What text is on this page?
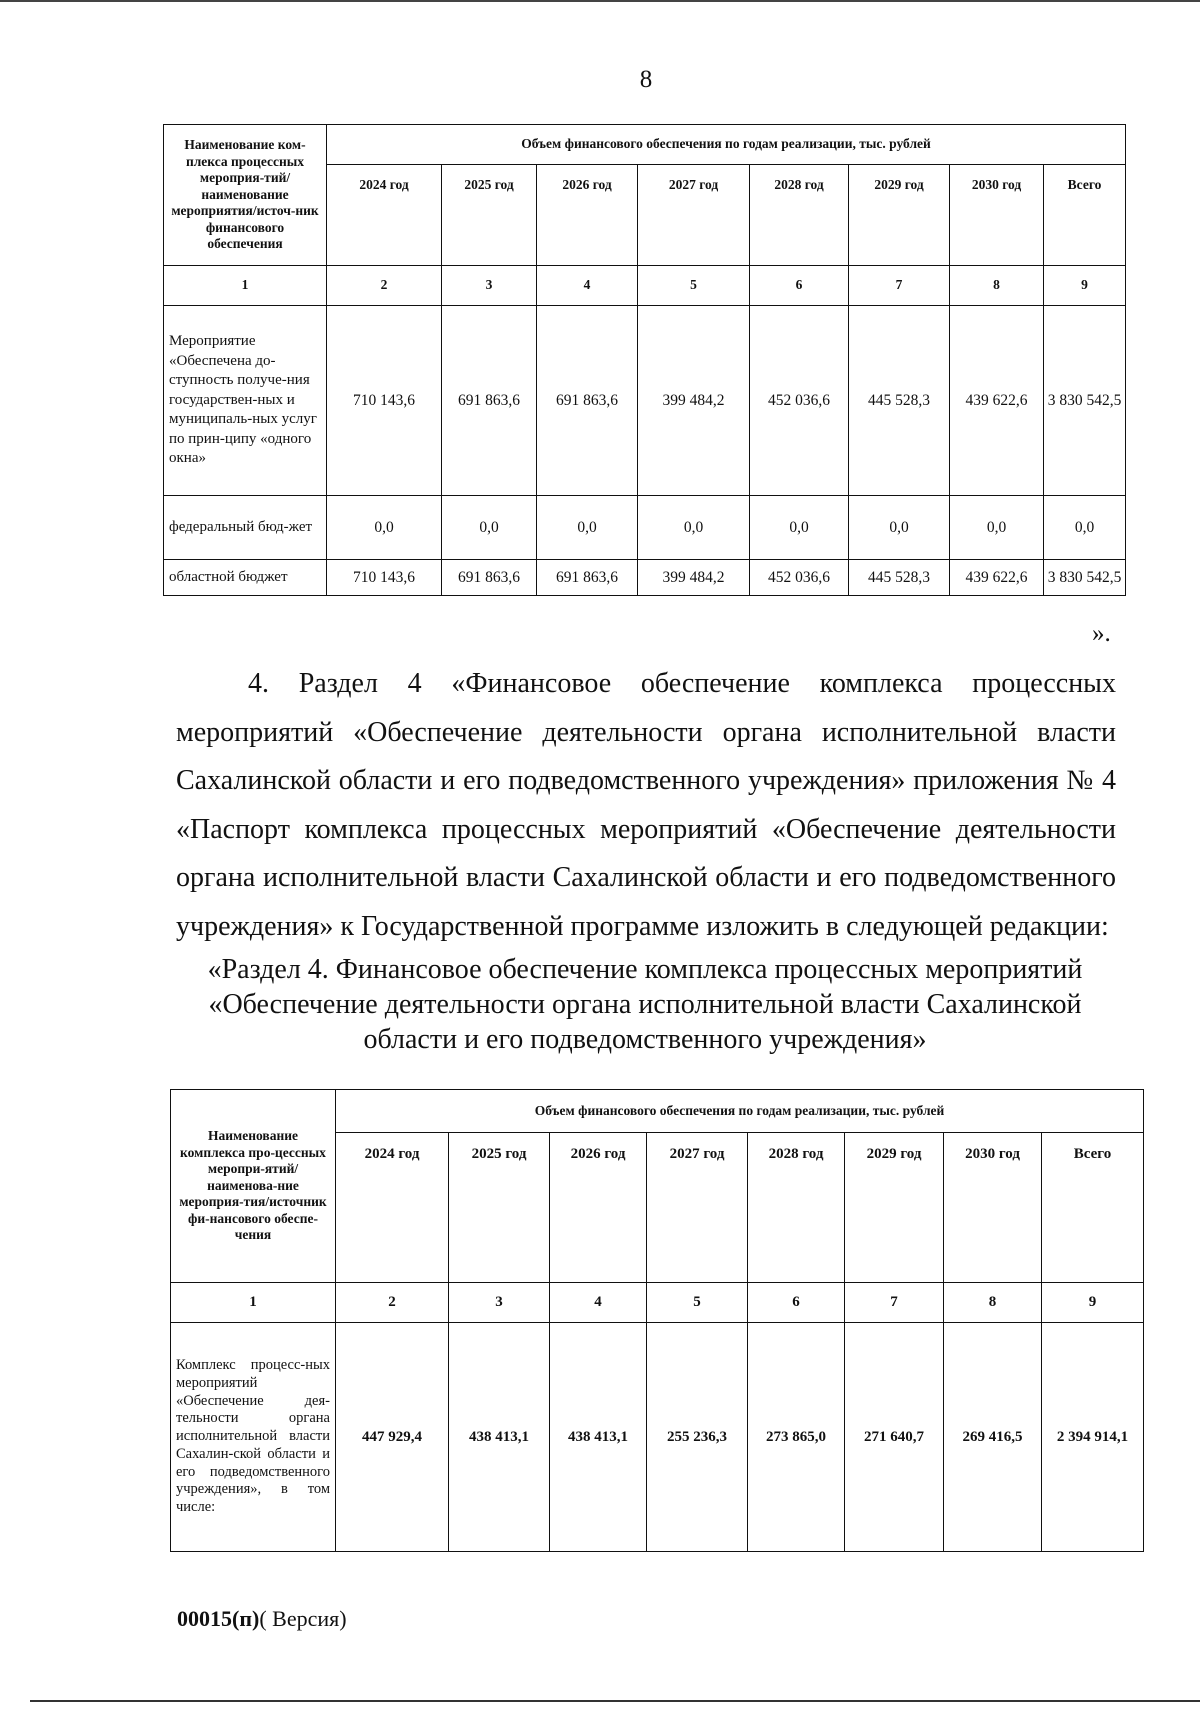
8
Наименование ком-плекса процессных мероприя-тий/наименование мероприятия/источ-ник финансового обеспечения	Объем финансового обеспечения по годам реализации, тыс. рублей							
	2024 год	2025 год	2026 год	2027 год	2028 год	2029 год	2030 год	Всего
1	2	3	4	5	6	7	8	9
Мероприятие «Обеспечена до-ступность получе-ния государствен-ных и муниципаль-ных услуг по прин-ципу «одного окна»	710 143,6	691 863,6	691 863,6	399 484,2	452 036,6	445 528,3	439 622,6	3 830 542,5
федеральный бюд-жет	0,0	0,0	0,0	0,0	0,0	0,0	0,0	0,0
областной бюджет	710 143,6	691 863,6	691 863,6	399 484,2	452 036,6	445 528,3	439 622,6	3 830 542,5
».
4. Раздел 4 «Финансовое обеспечение комплекса процессных
мероприятий «Обеспечение деятельности органа исполнительной власти
Сахалинской области и его подведомственного учреждения» приложения № 4
«Паспорт комплекса процессных мероприятий «Обеспечение деятельности
органа исполнительной власти Сахалинской области и его подведомственного
учреждения» к Государственной программе изложить в следующей редакции:
«Раздел 4. Финансовое обеспечение комплекса процессных мероприятий
«Обеспечение деятельности органа исполнительной власти Сахалинской
области и его подведомственного учреждения»
Наименование комплекса про-цессных меропри-ятий/наименова-ние мероприя-тия/источник фи-нансового обеспе-чения	Объем финансового обеспечения по годам реализации, тыс. рублей							
	2024 год	2025 год	2026 год	2027 год	2028 год	2029 год	2030 год	Всего
1	2	3	4	5	6	7	8	9
Комплекс процесс-ных мероприятий «Обеспечение дея-тельности органа исполнительной власти Сахалин-ской области и его подведомственного учреждения», в том числе:	447 929,4	438 413,1	438 413,1	255 236,3	273 865,0	271 640,7	269 416,5	2 394 914,1
00015(п)( Версия)
